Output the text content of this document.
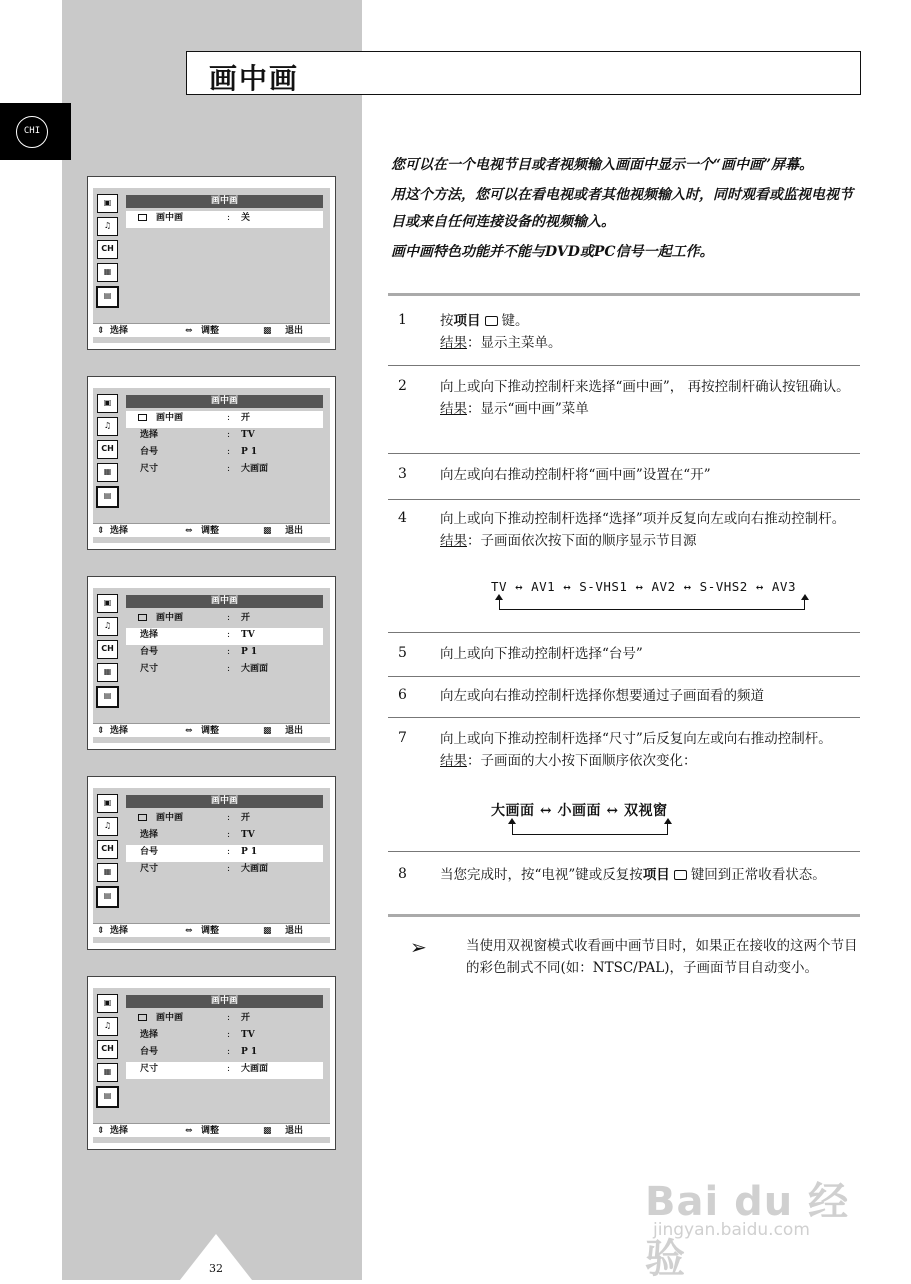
CHI
画中画
▣
♫
CH
▦
▤
画中画
画中画	: 关
⇕ 选择	⇔ 调整	▩ 退出
▣
♫
CH
▦
▤
画中画
画中画	: 开
选择	: TV
台号	: P 1
尺寸	: 大画面
⇕ 选择	⇔ 调整	▩ 退出
▣
♫
CH
▦
▤
画中画
画中画	: 开
选择	: TV
台号	: P 1
尺寸	: 大画面
⇕ 选择	⇔ 调整	▩ 退出
▣
♫
CH
▦
▤
画中画
画中画	: 开
选择	: TV
台号	: P 1
尺寸	: 大画面
⇕ 选择	⇔ 调整	▩ 退出
▣
♫
CH
▦
▤
画中画
画中画	: 开
选择	: TV
台号	: P 1
尺寸	: 大画面
⇕ 选择	⇔ 调整	▩ 退出

您可以在一个电视节目或者视频输入画面中显示一个“画中画”屏幕。

用这个方法，您可以在看电视或者其他视频输入时，同时观看或监视电视节目或来自任何连接设备的视频输入。

画中画特色功能并不能与DVD或PC信号一起工作。

1 按项目 键。
结果：显示主菜单。
2 向上或向下推动控制杆来选择“画中画”， 再按控制杆确认按钮确认。
结果：显示“画中画”菜单
3 向左或向右推动控制杆将“画中画”设置在“开”
4 向上或向下推动控制杆选择“选择”项并反复向左或向右推动控制杆。
结果：子画面依次按下面的顺序显示节目源
TV ↔ AV1 ↔ S-VHS1 ↔ AV2 ↔ S-VHS2 ↔ AV3
5 向上或向下推动控制杆选择“台号”
6 向左或向右推动控制杆选择你想要通过子画面看的频道
7 向上或向下推动控制杆选择“尺寸”后反复向左或向右推动控制杆。
结果：子画面的大小按下面顺序依次变化：
大画面 ↔ 小画面 ↔ 双视窗
8 当您完成时，按“电视”键或反复按项目 键回到正常收看状态。
➢	当使用双视窗模式收看画中画节目时，如果正在接收的这两个节目的彩色制式不同(如：NTSC/PAL)，子画面节目自动变小。
32
Bai du 经验
jingyan.baidu.com
